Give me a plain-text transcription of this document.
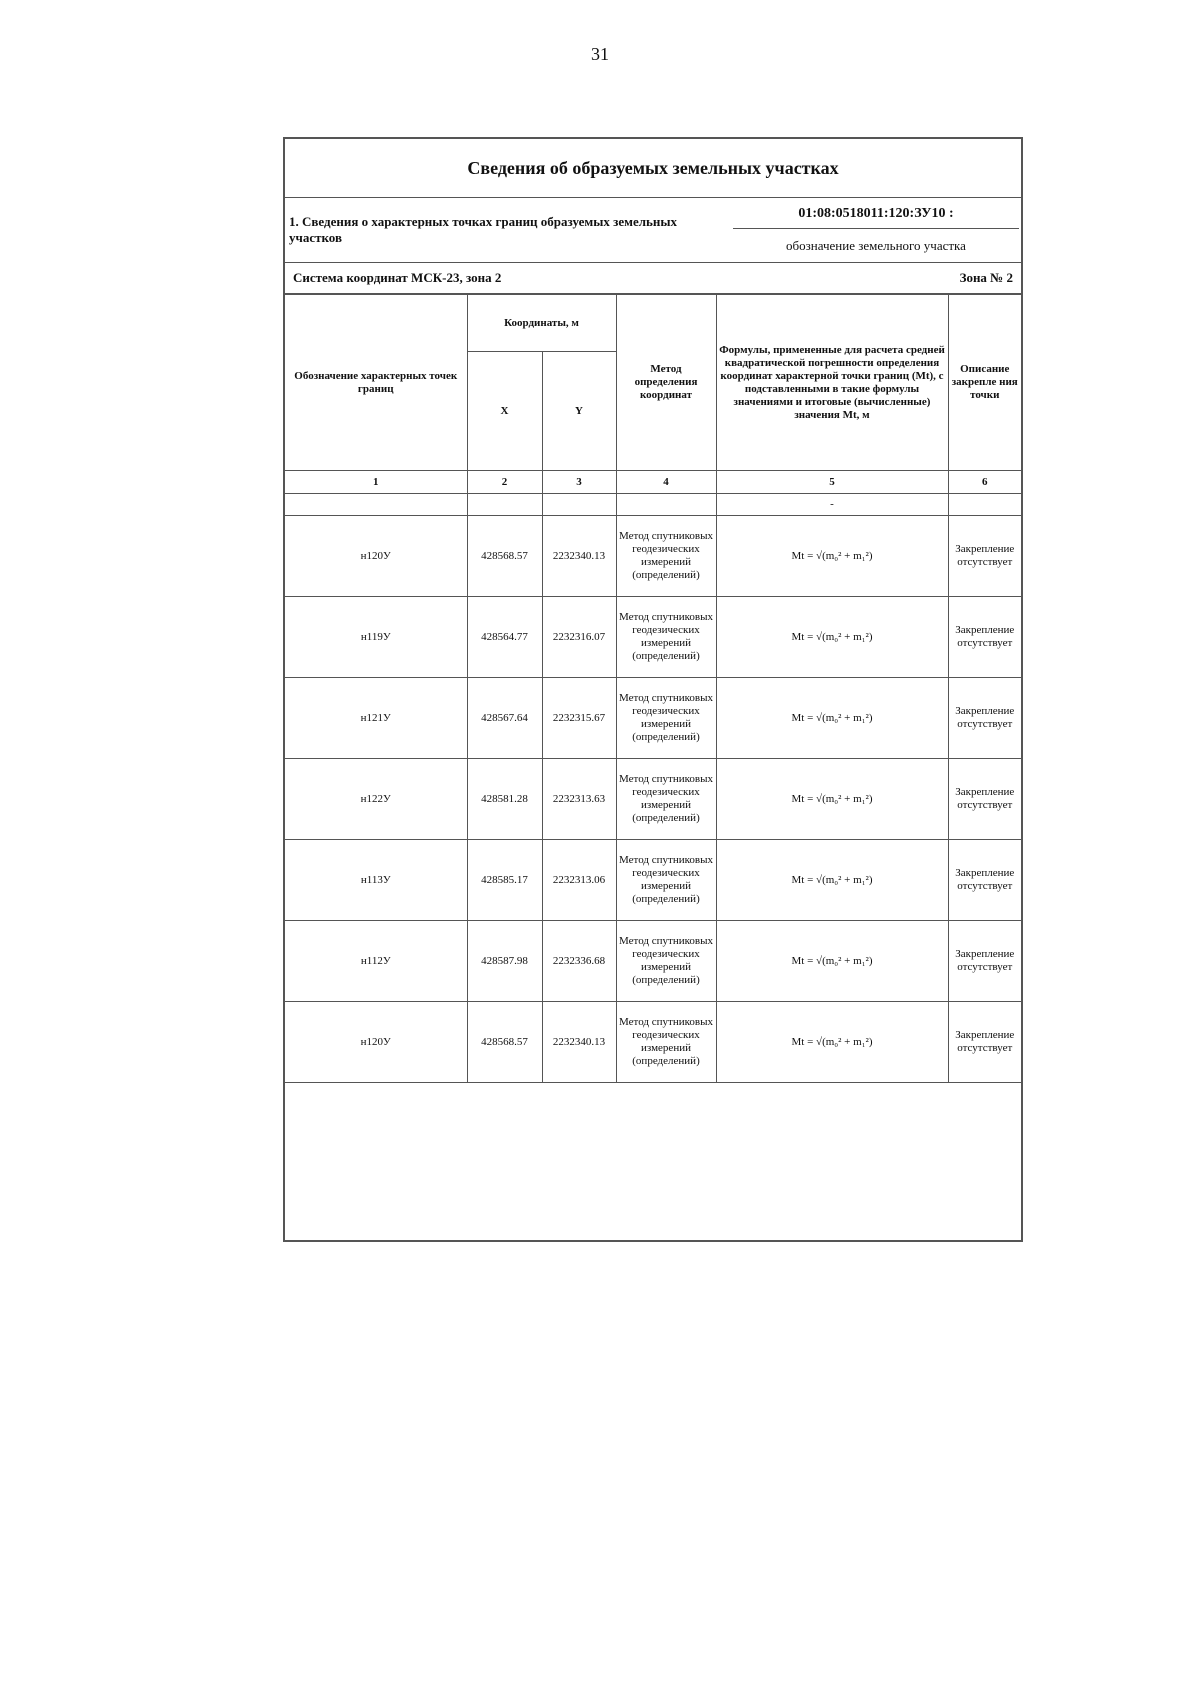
31
Сведения об образуемых земельных участках
1. Сведения о характерных точках границ образуемых земельных участков
01:08:0518011:120:ЗУ10 :
обозначение земельного участка
Система координат МСК-23, зона 2	Зона № 2
Обозначение характерных точек границ	Координаты, м		Метод определения координат	Формулы, примененные для расчета средней квадратической погрешности определения координат характерной точки границ (Mt), с подставленными в такие формулы значениями и итоговые (вычисленные) значения Mt, м	Описание закрепле ния точки
	X	Y			
1	2	3	4	5	6
				-	
н120У	428568.57	2232340.13	Метод спутниковых геодезических измерений (определений)	Mt = √(m₀² + m₁²)	Закрепление отсутствует
н119У	428564.77	2232316.07	Метод спутниковых геодезических измерений (определений)	Mt = √(m₀² + m₁²)	Закрепление отсутствует
н121У	428567.64	2232315.67	Метод спутниковых геодезических измерений (определений)	Mt = √(m₀² + m₁²)	Закрепление отсутствует
н122У	428581.28	2232313.63	Метод спутниковых геодезических измерений (определений)	Mt = √(m₀² + m₁²)	Закрепление отсутствует
н113У	428585.17	2232313.06	Метод спутниковых геодезических измерений (определений)	Mt = √(m₀² + m₁²)	Закрепление отсутствует
н112У	428587.98	2232336.68	Метод спутниковых геодезических измерений (определений)	Mt = √(m₀² + m₁²)	Закрепление отсутствует
н120У	428568.57	2232340.13	Метод спутниковых геодезических измерений (определений)	Mt = √(m₀² + m₁²)	Закрепление отсутствует
